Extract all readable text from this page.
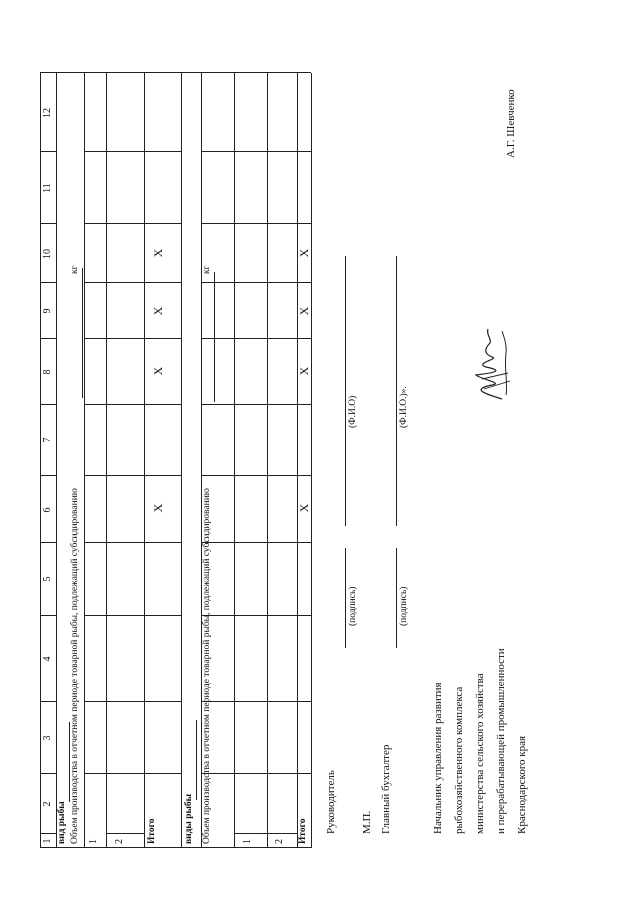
1
2
3
4
5
6
7
8
9
10
11
12
вид рыбы Объем производства в отчетном периоде товарной рыбы, подлежащий субсидированию
кг
1 2 Итого
X
X
X
X
виды рыбы Объем производства в отчетном периоде товарной рыбы, подлежащий субсидированию
кг
1 2 Итого
X
X
X
X
Руководитель
(подпись)
(Ф.И.О)
М.П. Главный бухгалтер
(подпись)
(Ф.И.О.)».
Начальник управления развития рыбохозяйственного комплекса министерства сельского хозяйства и перерабатывающей промышленности Краснодарского края
А.Г. Шевченко
